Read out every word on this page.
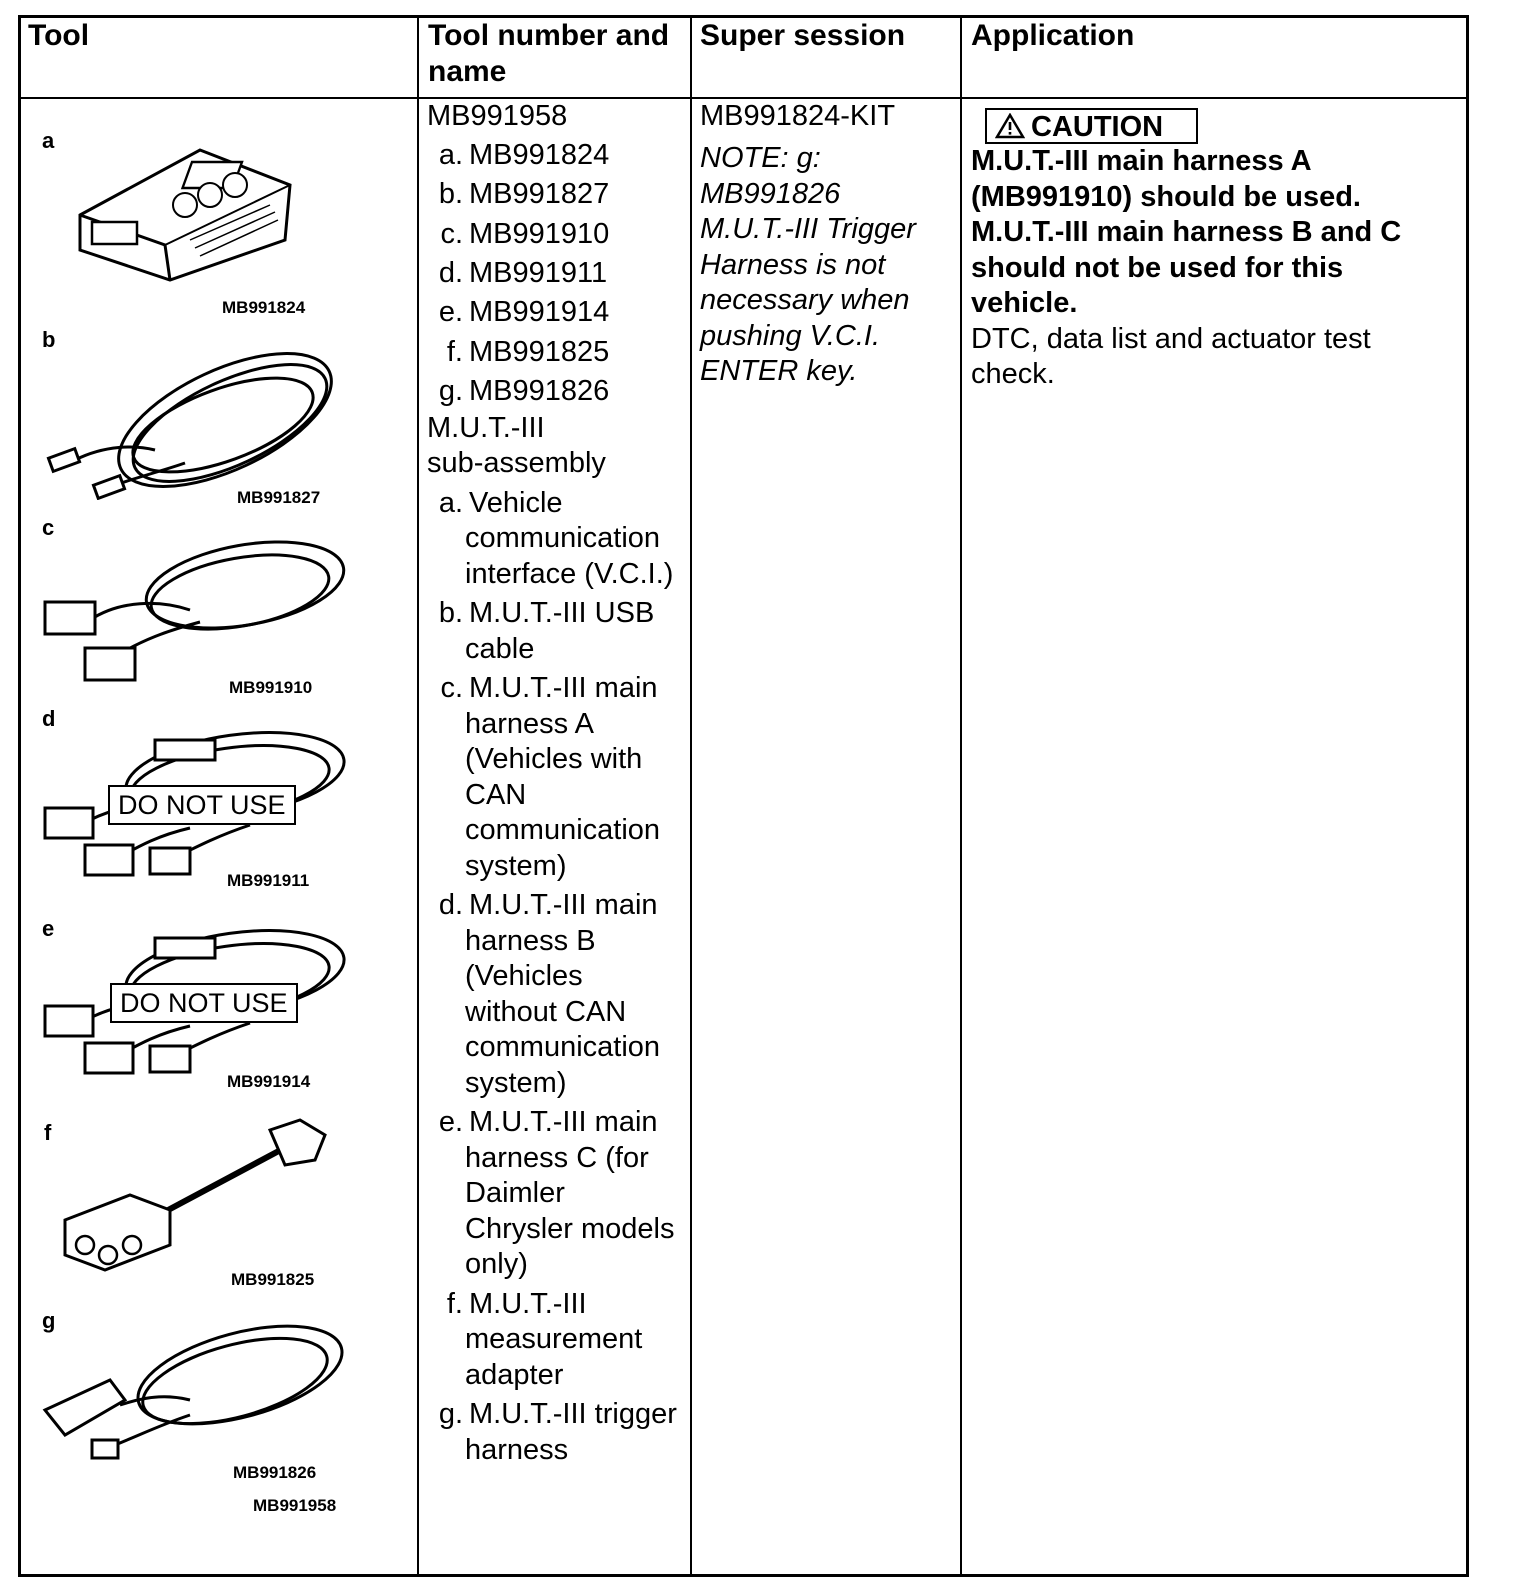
Tool	Tool number and
name
Super session Application
a
MB991824
b
MB991827
c
MB991910
d
DO NOT USE
MB991911
e
DO NOT USE
MB991914
f
MB991825
g
MB991826
MB991958
MB991958
a. MB991824
b. MB991827
c. MB991910
d. MB991911
e. MB991914
f. MB991825
g. MB991826
M.U.T.-III
sub-assembly
a. Vehicle
communication
interface (V.C.I.)
b. M.U.T.-III USB
cable
c. M.U.T.-III main
harness A
(Vehicles with
CAN
communication
system)
d. M.U.T.-III main
harness B
(Vehicles
without CAN
communication
system)
e. M.U.T.-III main
harness C (for
Daimler
Chrysler models
only)
f. M.U.T.-III
measurement
adapter
g. M.U.T.-III trigger
harness
MB991824-KIT
NOTE: g:
MB991826
M.U.T.-III Trigger
Harness is not
necessary when
pushing V.C.I.
ENTER key.
CAUTION
M.U.T.-III main harness A
(MB991910) should be used.
M.U.T.-III main harness B and C
should not be used for this
vehicle.
DTC, data list and actuator test
check.
